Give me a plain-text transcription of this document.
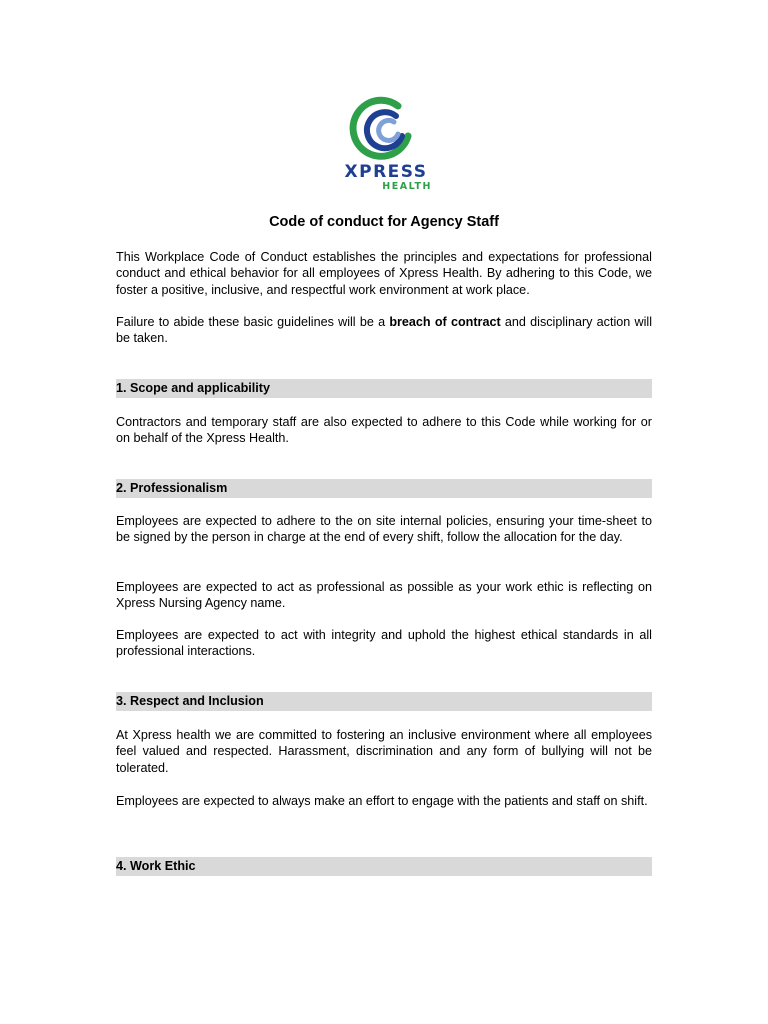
XPRESS
HEALTH
Code of conduct for Agency Staff
This Workplace Code of Conduct establishes the principles and expectations for professional conduct and ethical behavior for all employees of Xpress Health. By adhering to this Code, we foster a positive, inclusive, and respectful work environment at work place.
Failure to abide these basic guidelines will be a breach of contract and disciplinary action will be taken.
1. Scope and applicability
Contractors and temporary staff are also expected to adhere to this Code while working for or on behalf of the Xpress Health.
2. Professionalism
Employees are expected to adhere to the on site internal policies, ensuring your time-sheet to be signed by the person in charge at the end of every shift, follow the allocation for the day.
Employees are expected to act as professional as possible as your work ethic is reflecting on Xpress Nursing Agency name.
Employees are expected to act with integrity and uphold the highest ethical standards in all professional interactions.
3. Respect and Inclusion
At Xpress health we are committed to fostering an inclusive environment where all employees feel valued and respected. Harassment, discrimination and any form of bullying will not be tolerated.
Employees are expected to always make an effort to engage with the patients and staff on shift.
4. Work Ethic
